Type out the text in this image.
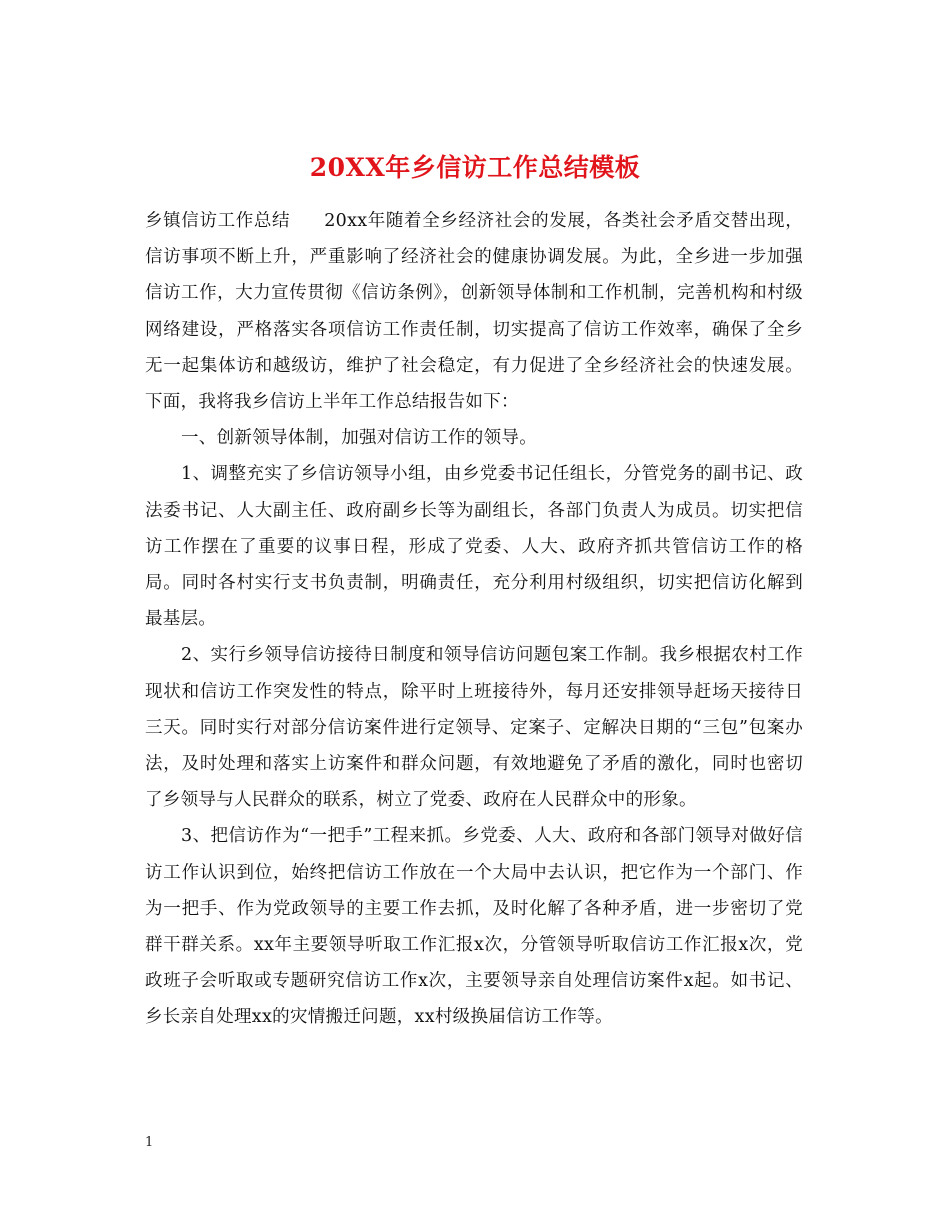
20XX年乡信访工作总结模板

乡镇信访工作总结 20xx年随着全乡经济社会的发展，各类社会矛盾交替出现，信访事项不断上升，严重影响了经济社会的健康协调发展。为此，全乡进一步加强信访工作，大力宣传贯彻《信访条例》，创新领导体制和工作机制，完善机构和村级网络建设，严格落实各项信访工作责任制，切实提高了信访工作效率，确保了全乡无一起集体访和越级访，维护了社会稳定，有力促进了全乡经济社会的快速发展。下面，我将我乡信访上半年工作总结报告如下：

一、创新领导体制，加强对信访工作的领导。

1、调整充实了乡信访领导小组，由乡党委书记任组长，分管党务的副书记、政法委书记、人大副主任、政府副乡长等为副组长，各部门负责人为成员。切实把信访工作摆在了重要的议事日程，形成了党委、人大、政府齐抓共管信访工作的格局。同时各村实行支书负责制，明确责任，充分利用村级组织，切实把信访化解到最基层。

2、实行乡领导信访接待日制度和领导信访问题包案工作制。我乡根据农村工作现状和信访工作突发性的特点，除平时上班接待外，每月还安排领导赶场天接待日三天。同时实行对部分信访案件进行定领导、定案子、定解决日期的“三包”包案办法，及时处理和落实上访案件和群众问题，有效地避免了矛盾的激化，同时也密切了乡领导与人民群众的联系，树立了党委、政府在人民群众中的形象。

3、把信访作为“一把手”工程来抓。乡党委、人大、政府和各部门领导对做好信访工作认识到位，始终把信访工作放在一个大局中去认识，把它作为一个部门、作为一把手、作为党政领导的主要工作去抓，及时化解了各种矛盾，进一步密切了党群干群关系。xx年主要领导听取工作汇报x次，分管领导听取信访工作汇报x次，党政班子会听取或专题研究信访工作x次，主要领导亲自处理信访案件x起。如书记、乡长亲自处理xx的灾情搬迁问题，xx村级换届信访工作等。

1
